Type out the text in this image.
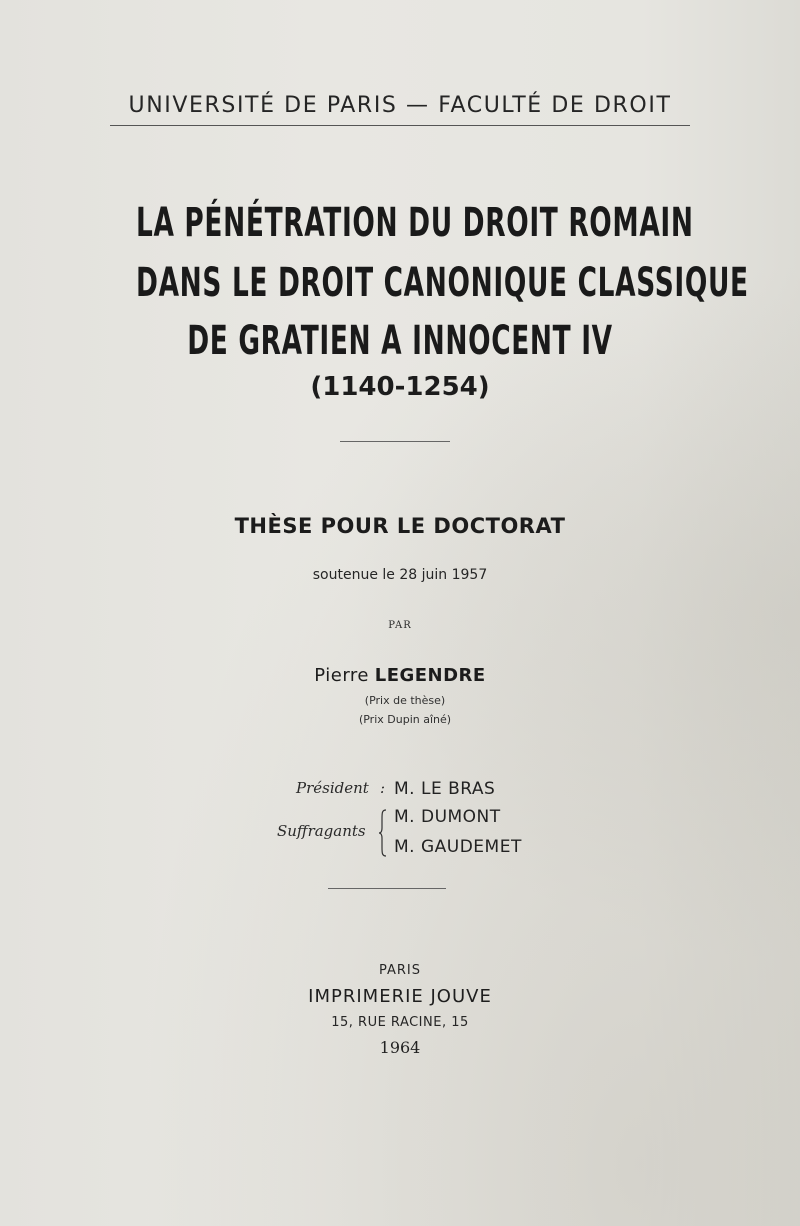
UNIVERSITÉ DE PARIS — FACULTÉ DE DROIT
LA PÉNÉTRATION DU DROIT ROMAIN
DANS LE DROIT CANONIQUE CLASSIQUE
DE GRATIEN A INNOCENT IV
(1140-1254)
THÈSE POUR LE DOCTORAT
soutenue le 28 juin 1957
PAR
Pierre LEGENDRE
(Prix de thèse)
(Prix Dupin aîné)
Président : M. LE BRAS
Suffragants
M. DUMONT
M. GAUDEMET
PARIS
IMPRIMERIE JOUVE
15, RUE RACINE, 15
1964
